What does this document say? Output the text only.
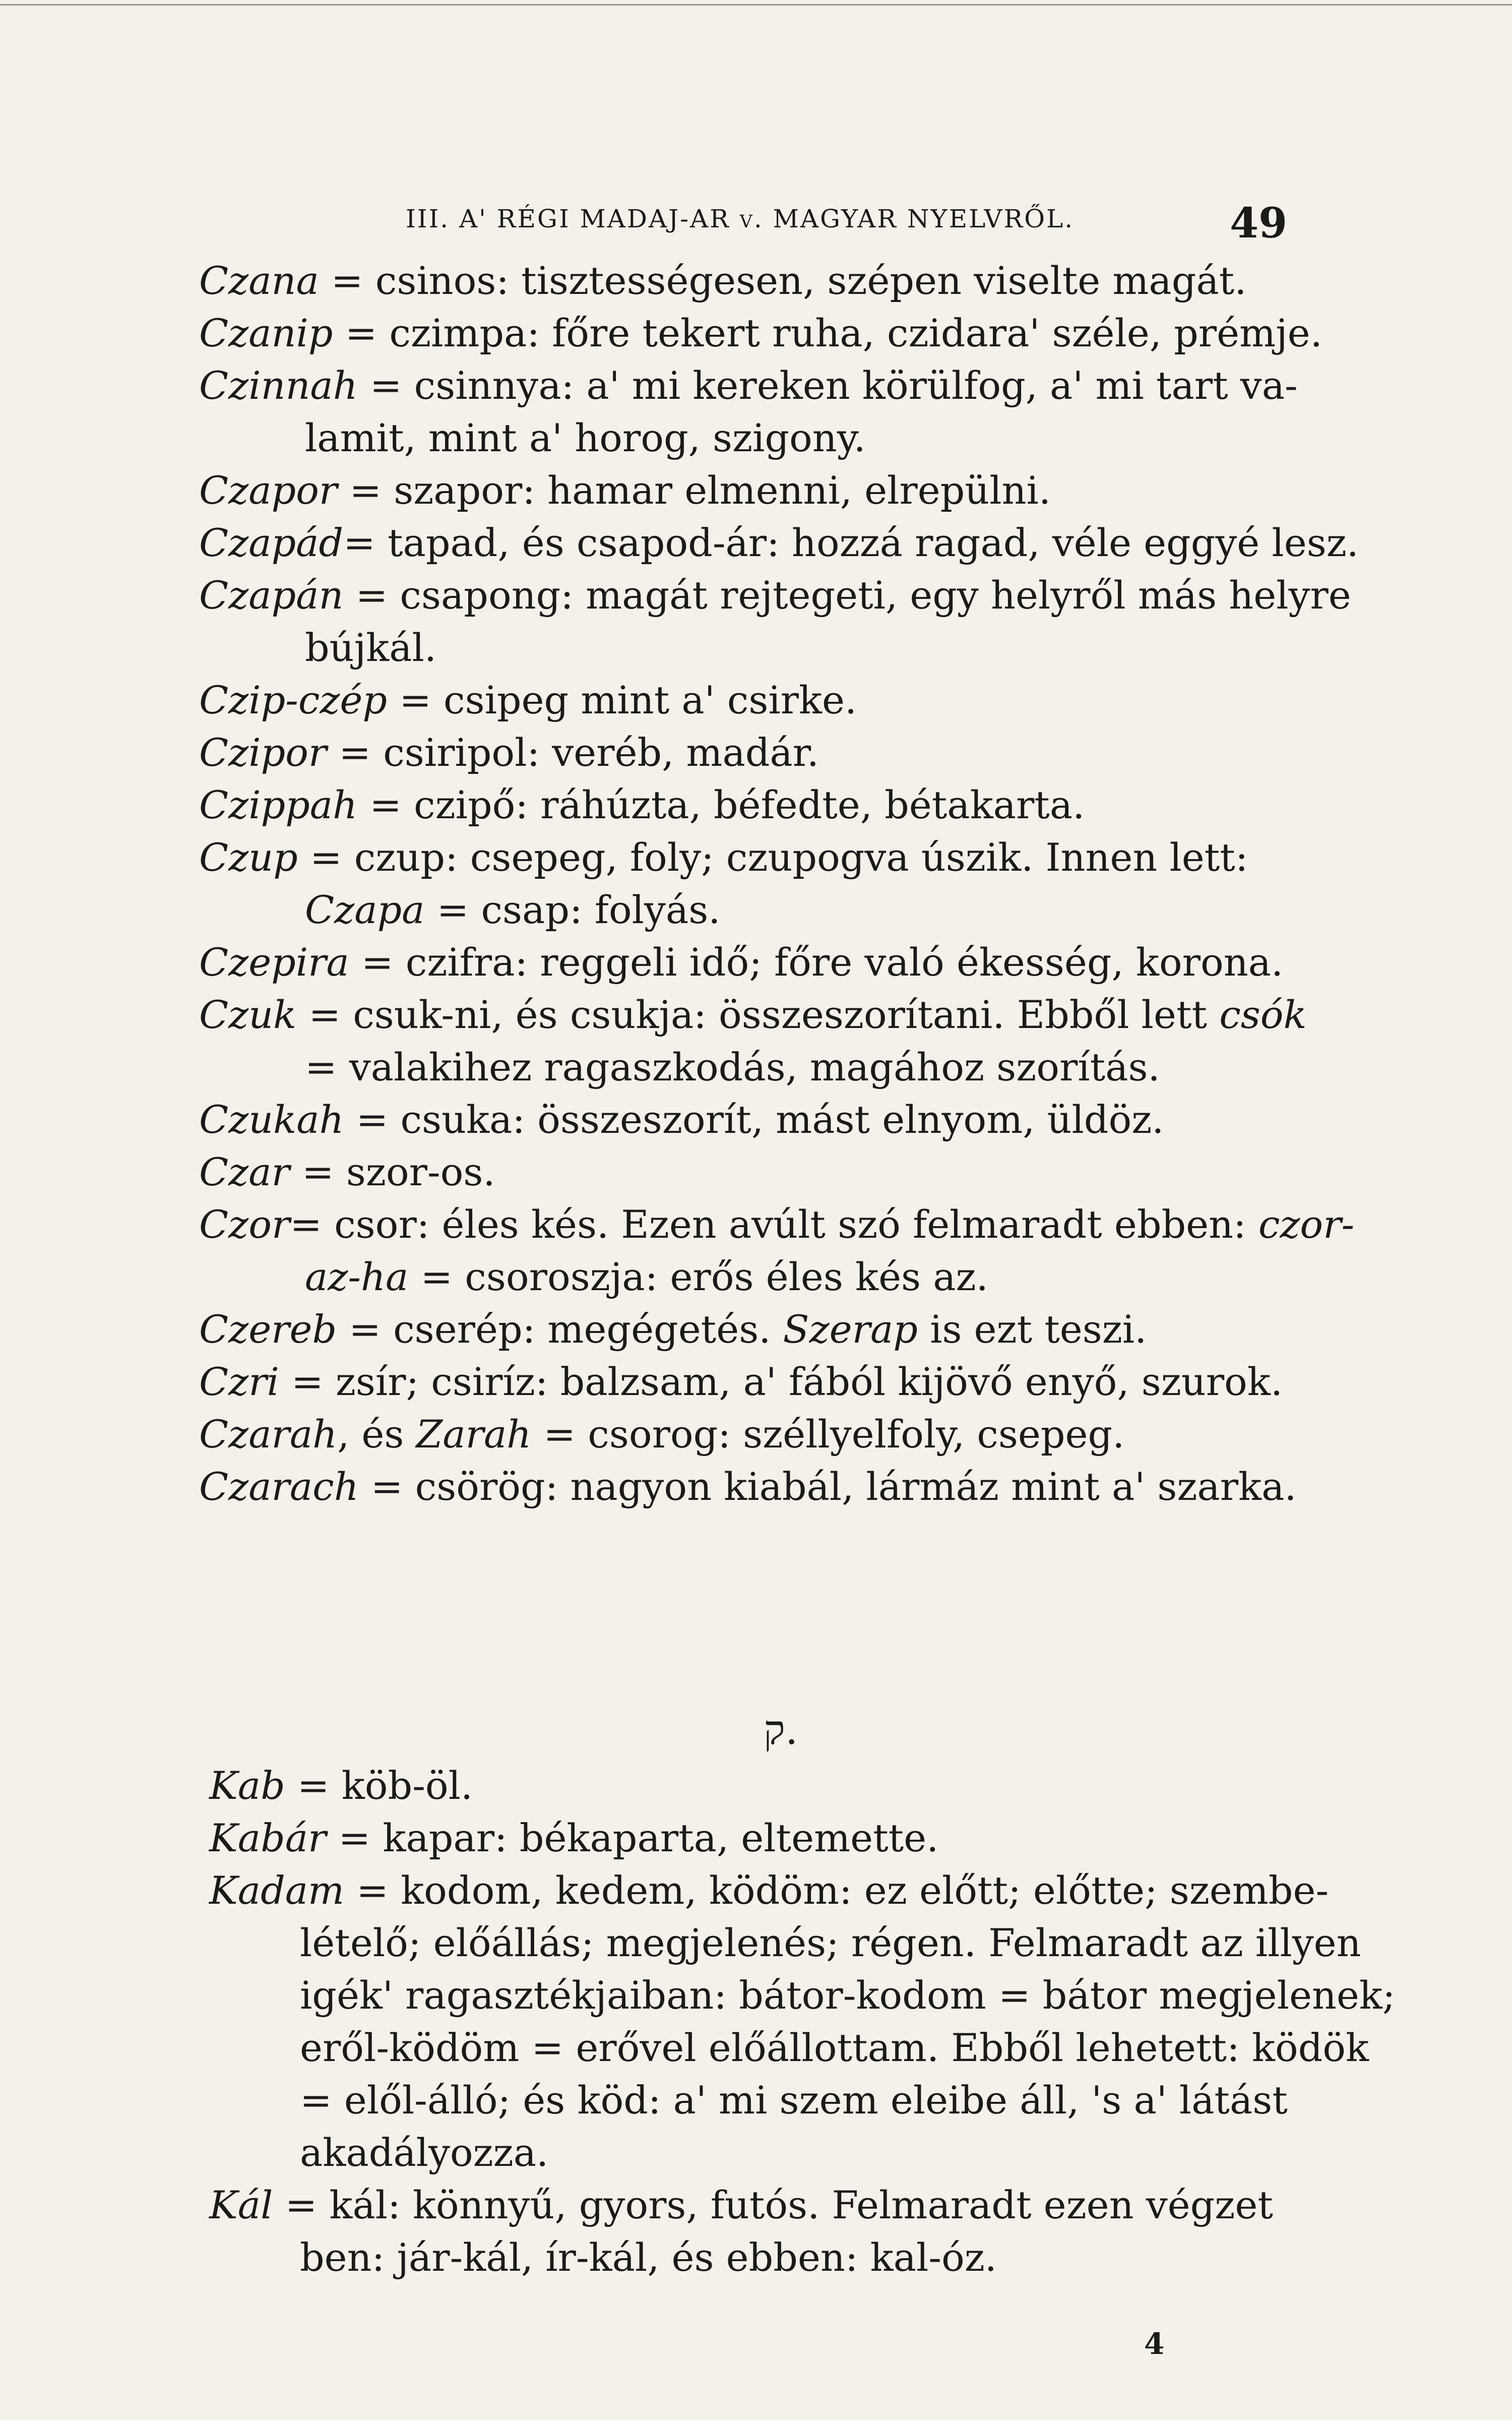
III. A' RÉGI MADAJ-AR v. MAGYAR NYELVRŐL.	49
Czana = csinos: tisztességesen, szépen viselte magát.
Czanip = czimpa: főre tekert ruha, czidara' széle, prémje.
Czinnah = csinnya: a' mi kereken körülfog, a' mi tart va-
lamit, mint a' horog, szigony.
Czapor = szapor: hamar elmenni, elrepülni.
Czapád= tapad, és csapod-ár: hozzá ragad, véle eggyé lesz.
Czapán = csapong: magát rejtegeti, egy helyről más helyre
bújkál.
Czip-czép = csipeg mint a' csirke.
Czipor = csiripol: veréb, madár.
Czippah = czipő: ráhúzta, béfedte, bétakarta.
Czup = czup: csepeg, foly; czupogva úszik. Innen lett:
Czapa = csap: folyás.
Czepira = czifra: reggeli idő; főre való ékesség, korona.
Czuk = csuk-ni, és csukja: összeszorítani. Ebből lett csók
= valakihez ragaszkodás, magához szorítás.
Czukah = csuka: összeszorít, mást elnyom, üldöz.
Czar = szor-os.
Czor= csor: éles kés. Ezen avúlt szó felmaradt ebben: czor-
az-ha = csoroszja: erős éles kés az.
Czereb = cserép: megégetés. Szerap is ezt teszi.
Czri = zsír; csiríz: balzsam, a' fából kijövő enyő, szurok.
Czarah, és Zarah = csorog: széllyelfoly, csepeg.
Czarach = csörög: nagyon kiabál, lármáz mint a' szarka.
ק.
Kab = köb-öl.
Kabár = kapar: békaparta, eltemette.
Kadam = kodom, kedem, ködöm: ez előtt; előtte; szembe-
lételő; előállás; megjelenés; régen. Felmaradt az illyen
igék' ragasztékjaiban: bátor-kodom = bátor megjelenek;
eről-ködöm = erővel előállottam. Ebből lehetett: ködök
= elől-álló; és köd: a' mi szem eleibe áll, 's a' látást
akadályozza.
Kál = kál: könnyű, gyors, futós. Felmaradt ezen végzet
ben: jár-kál, ír-kál, és ebben: kal-óz.
4
